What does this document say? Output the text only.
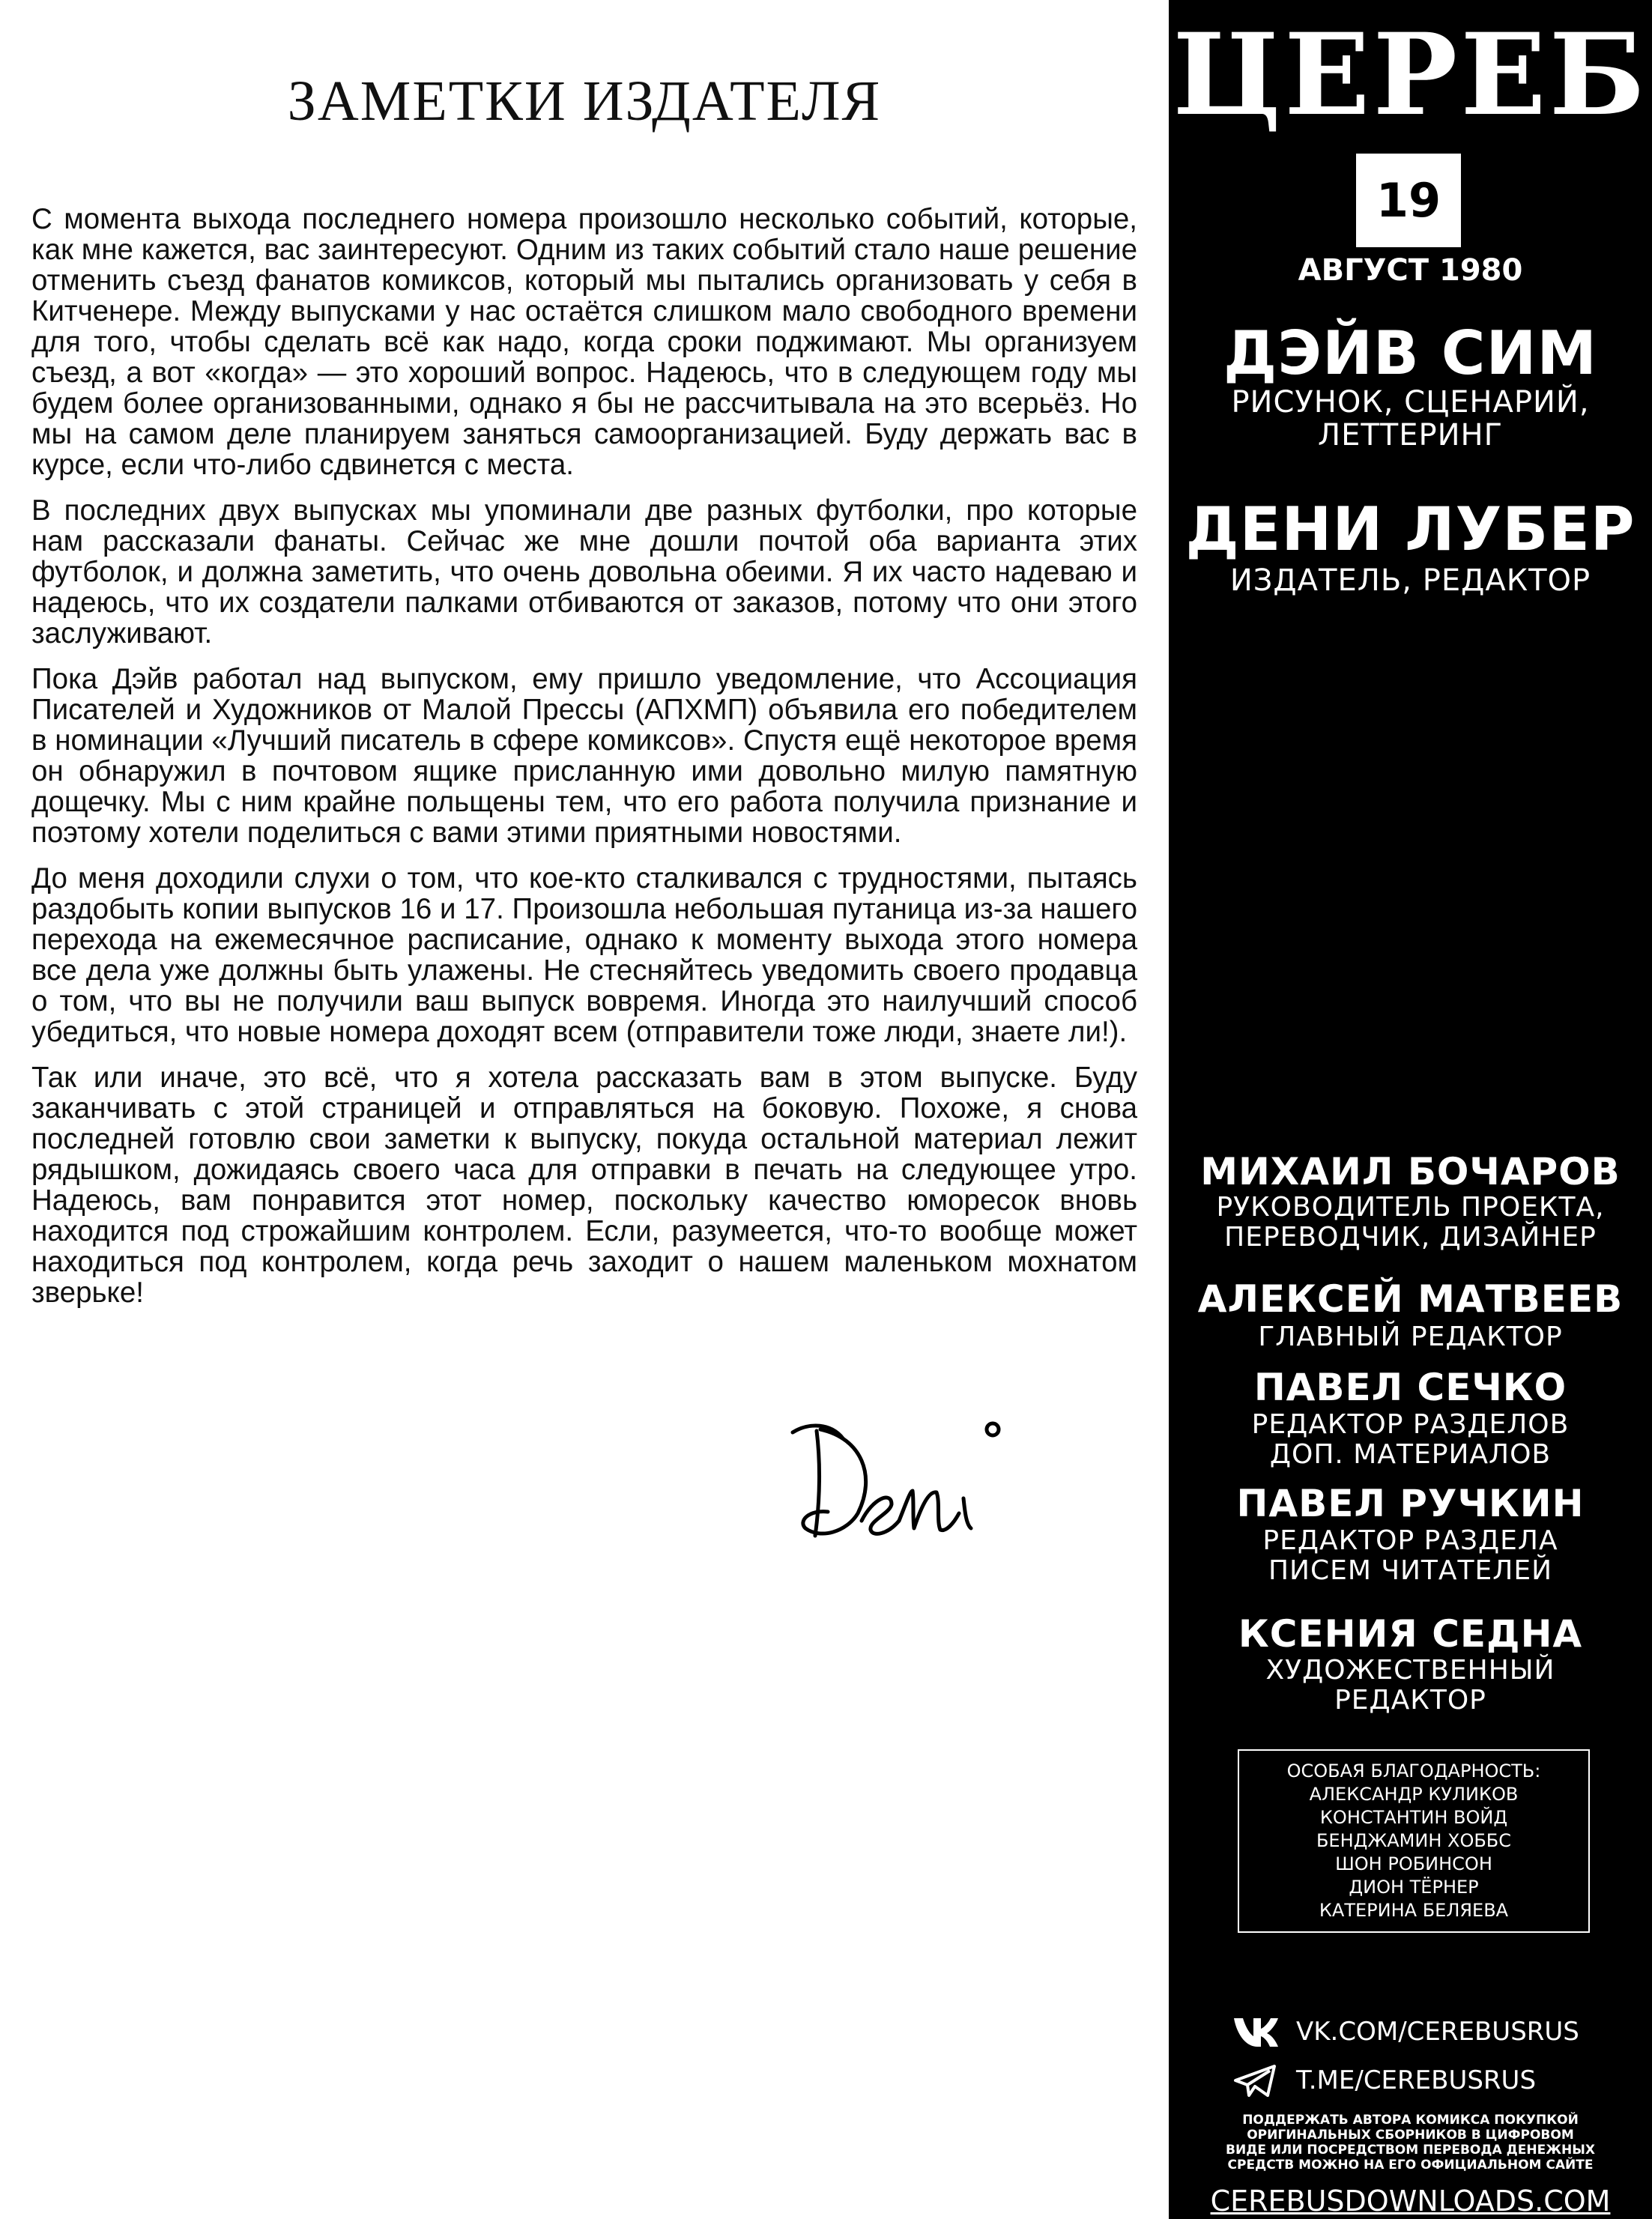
ЗАМЕТКИ ИЗДАТЕЛЯ

С момента выхода последнего номера произошло несколько событий, которые, как мне кажется, вас заинтересуют. Одним из таких событий стало наше решение отменить съезд фанатов комиксов, который мы пытались организовать у себя в Китченере. Между выпусками у нас остаётся слишком мало свободного времени для того, чтобы сделать всё как надо, когда сроки поджимают. Мы организуем съезд, а вот «когда» — это хороший вопрос. Надеюсь, что в следующем году мы будем более организованными, однако я бы не рассчитывала на это всерьёз. Но мы на самом деле планируем заняться самоорганизацией. Буду держать вас в курсе, если что-либо сдвинется с места.

В последних двух выпусках мы упоминали две разных футболки, про которые нам рассказали фанаты. Сейчас же мне дошли почтой оба варианта этих футболок, и должна заметить, что очень довольна обеими. Я их часто надеваю и надеюсь, что их создатели палками отбиваются от заказов, потому что они этого заслуживают.

Пока Дэйв работал над выпуском, ему пришло уведомление, что Ассоциация Писателей и Художников от Малой Прессы (АПХМП) объявила его победителем в номинации «Лучший писатель в сфере комиксов». Спустя ещё некоторое время он обнаружил в почтовом ящике присланную ими довольно милую памятную дощечку. Мы с ним крайне польщены тем, что его работа получила признание и поэтому хотели поделиться с вами этими приятными новостями.

До меня доходили слухи о том, что кое-кто сталкивался с трудностями, пытаясь раздобыть копии выпусков 16 и 17. Произошла небольшая путаница из-за нашего перехода на ежемесячное расписание, однако к моменту выхода этого номера все дела уже должны быть улажены. Не стесняйтесь уведомить своего продавца о том, что вы не получили ваш выпуск вовремя. Иногда это наилучший способ убедиться, что новые номера доходят всем (отправители тоже люди, знаете ли!).

Так или иначе, это всё, что я хотела рассказать вам в этом выпуске. Буду заканчивать с этой страницей и отправляться на боковую. Похоже, я снова последней готовлю свои заметки к выпуску, покуда остальной материал лежит рядышком, дожидаясь своего часа для отправки в печать на следующее утро. Надеюсь, вам понравится этот номер, поскольку качество юморесок вновь находится под строжайшим контролем. Если, разумеется, что-то вообще может находиться под контролем, когда речь заходит о нашем маленьком мохнатом зверьке!

ЦЕРЕБ
19
АВГУСТ 1980
ДЭЙВ СИМ
РИСУНОК, СЦЕНАРИЙ,
ЛЕТТЕРИНГ
ДЕНИ ЛУБЕР
ИЗДАТЕЛЬ, РЕДАКТОР
МИХАИЛ БОЧАРОВ
РУКОВОДИТЕЛЬ ПРОЕКТА,
ПЕРЕВОДЧИК, ДИЗАЙНЕР
АЛЕКСЕЙ МАТВЕЕВ
ГЛАВНЫЙ РЕДАКТОР
ПАВЕЛ СЕЧКО
РЕДАКТОР РАЗДЕЛОВ
ДОП. МАТЕРИАЛОВ
ПАВЕЛ РУЧКИН
РЕДАКТОР РАЗДЕЛА
ПИСЕМ ЧИТАТЕЛЕЙ
КСЕНИЯ СЕДНА
ХУДОЖЕСТВЕННЫЙ
РЕДАКТОР
ОСОБАЯ БЛАГОДАРНОСТЬ:
АЛЕКСАНДР КУЛИКОВ
КОНСТАНТИН ВОЙД
БЕНДЖАМИН ХОББС
ШОН РОБИНСОН
ДИОН ТЁРНЕР
КАТЕРИНА БЕЛЯЕВА
VK.COM/CEREBUSRUS
T.ME/CEREBUSRUS
ПОДДЕРЖАТЬ АВТОРА КОМИКСА ПОКУПКОЙ
ОРИГИНАЛЬНЫХ СБОРНИКОВ В ЦИФРОВОМ
ВИДЕ ИЛИ ПОСРЕДСТВОМ ПЕРЕВОДА ДЕНЕЖНЫХ
СРЕДСТВ МОЖНО НА ЕГО ОФИЦИАЛЬНОМ САЙТЕ
CEREBUSDOWNLOADS.COM
